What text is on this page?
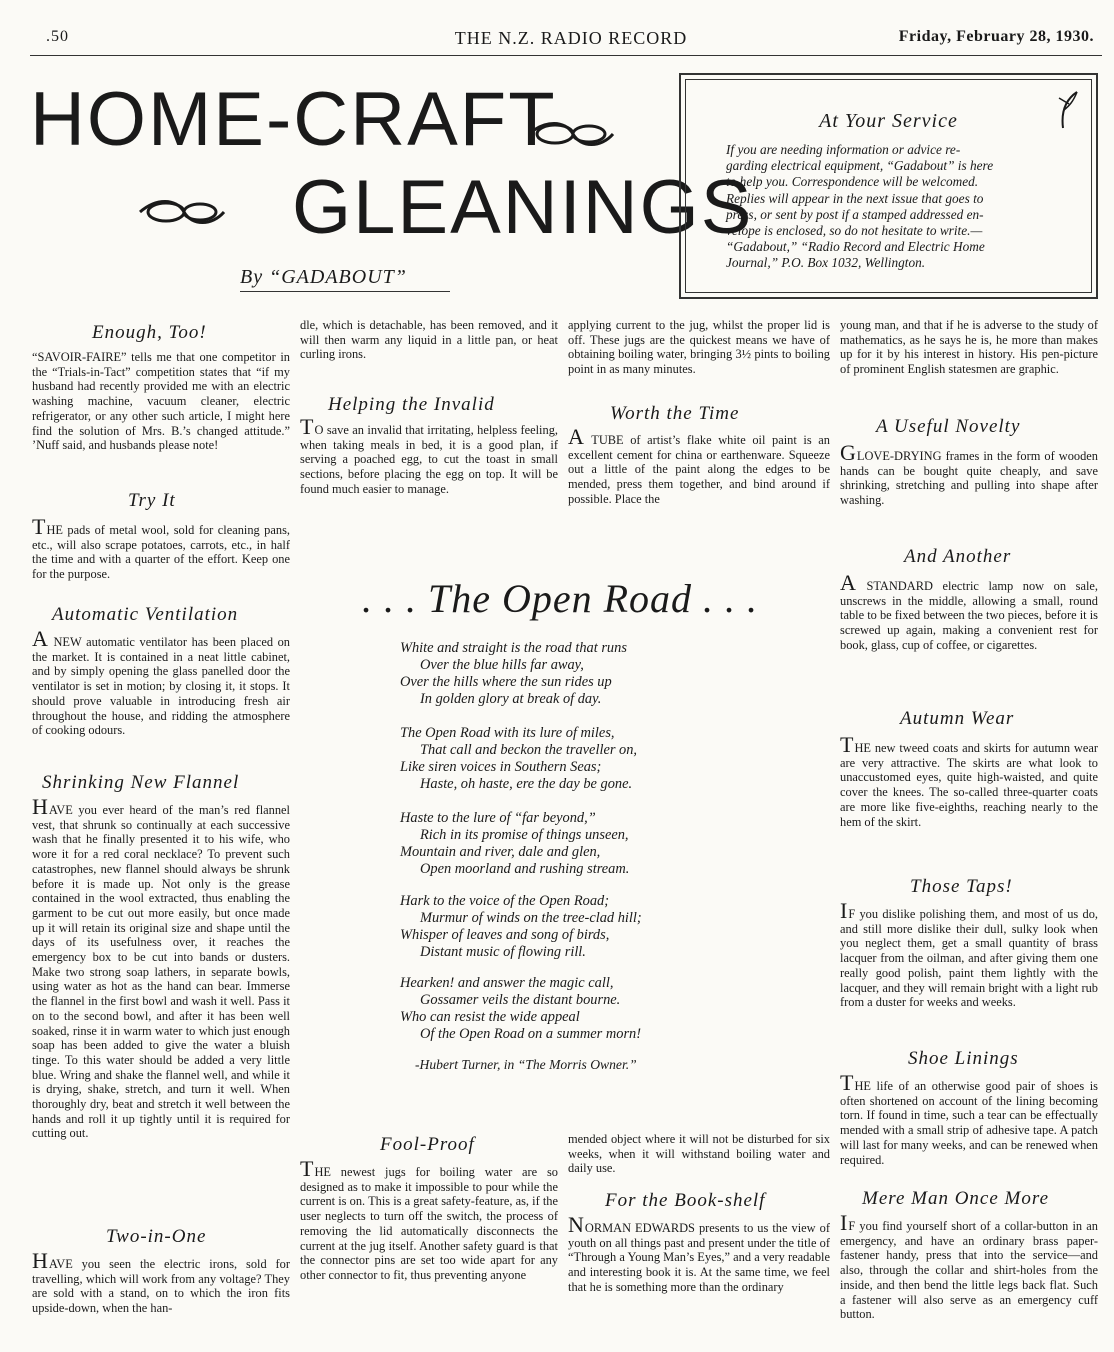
.50	THE N.Z. RADIO RECORD	Friday, February 28, 1930.
HOME-CRAFT
GLEANINGS
By “GADABOUT”
At Your Service
If you are needing information or advice re-
garding electrical equipment, “Gadabout” is here
to help you. Correspondence will be welcomed.
Replies will appear in the next issue that goes to
press, or sent by post if a stamped addressed en-
velope is enclosed, so do not hesitate to write.—
“Gadabout,” “Radio Record and Electric Home
Journal,” P.O. Box 1032, Wellington.
Enough, Too!

“SAVOIR-FAIRE” tells me that one competitor in the “Trials-in-Tact” competition states that “if my husband had recently provided me with an electric washing machine, vacuum cleaner, electric refrigerator, or any other such article, I might here find the solution of Mrs. B.’s changed attitude.” ’Nuff said, and husbands please note!

Try It

THE pads of metal wool, sold for cleaning pans, etc., will also scrape potatoes, carrots, etc., in half the time and with a quarter of the effort. Keep one for the purpose.

Automatic Ventilation

A NEW automatic ventilator has been placed on the market. It is contained in a neat little cabinet, and by simply opening the glass panelled door the ventilator is set in motion; by closing it, it stops. It should prove valuable in introducing fresh air throughout the house, and ridding the atmosphere of cooking odours.

Shrinking New Flannel

HAVE you ever heard of the man’s red flannel vest, that shrunk so continually at each successive wash that he finally presented it to his wife, who wore it for a red coral necklace? To prevent such catastrophes, new flannel should always be shrunk before it is made up. Not only is the grease contained in the wool extracted, thus enabling the garment to be cut out more easily, but once made up it will retain its original size and shape until the days of its usefulness over, it reaches the emergency box to be cut into bands or dusters. Make two strong soap lathers, in separate bowls, using water as hot as the hand can bear. Immerse the flannel in the first bowl and wash it well. Pass it on to the second bowl, and after it has been well soaked, rinse it in warm water to which just enough soap has been added to give the water a bluish tinge. To this water should be added a very little blue. Wring and shake the flannel well, and while it is drying, shake, stretch, and turn it well. When thoroughly dry, beat and stretch it well between the hands and roll it up tightly until it is required for cutting out.

Two-in-One

HAVE you seen the electric irons, sold for travelling, which will work from any voltage? They are sold with a stand, on to which the iron fits upside-down, when the han-

dle, which is detachable, has been removed, and it will then warm any liquid in a little pan, or heat curling irons.

Helping the Invalid

TO save an invalid that irritating, helpless feeling, when taking meals in bed, it is a good plan, if serving a poached egg, to cut the toast in small sections, before placing the egg on top. It will be found much easier to manage.

applying current to the jug, whilst the proper lid is off. These jugs are the quickest means we have of obtaining boiling water, bringing 3½ pints to boiling point in as many minutes.

Worth the Time

A TUBE of artist’s flake white oil paint is an excellent cement for china or earthenware. Squeeze out a little of the paint along the edges to be mended, press them together, and bind around if possible. Place the

young man, and that if he is adverse to the study of mathematics, as he says he is, he more than makes up for it by his interest in history. His pen-picture of prominent English statesmen are graphic.

A Useful Novelty

GLOVE-DRYING frames in the form of wooden hands can be bought quite cheaply, and save shrinking, stretching and pulling into shape after washing.

And Another

A STANDARD electric lamp now on sale, unscrews in the middle, allowing a small, round table to be fixed between the two pieces, before it is screwed up again, making a convenient rest for book, glass, cup of coffee, or cigarettes.

Autumn Wear

THE new tweed coats and skirts for autumn wear are very attractive. The skirts are what look to unaccustomed eyes, quite high-waisted, and quite cover the knees. The so-called three-quarter coats are more like five-eighths, reaching nearly to the hem of the skirt.

Those Taps!

IF you dislike polishing them, and most of us do, and still more dislike their dull, sulky look when you neglect them, get a small quantity of brass lacquer from the oilman, and after giving them one really good polish, paint them lightly with the lacquer, and they will remain bright with a light rub from a duster for weeks and weeks.

Shoe Linings

THE life of an otherwise good pair of shoes is often shortened on account of the lining becoming torn. If found in time, such a tear can be effectually mended with a small strip of adhesive tape. A patch will last for many weeks, and can be renewed when required.

Mere Man Once More

IF you find yourself short of a collar-button in an emergency, and have an ordinary brass paper-fastener handy, press that into the service—and also, through the collar and shirt-holes from the inside, and then bend the little legs back flat. Such a fastener will also serve as an emergency cuff button.

. . . The Open Road . . .
White and straight is the road that runs
Over the blue hills far away,
Over the hills where the sun rides up
In golden glory at break of day.
The Open Road with its lure of miles,
That call and beckon the traveller on,
Like siren voices in Southern Seas;
Haste, oh haste, ere the day be gone.
Haste to the lure of “far beyond,”
Rich in its promise of things unseen,
Mountain and river, dale and glen,
Open moorland and rushing stream.
Hark to the voice of the Open Road;
Murmur of winds on the tree-clad hill;
Whisper of leaves and song of birds,
Distant music of flowing rill.
Hearken! and answer the magic call,
Gossamer veils the distant bourne.
Who can resist the wide appeal
Of the Open Road on a summer morn!
-Hubert Turner, in “The Morris Owner.”
Fool-Proof

THE newest jugs for boiling water are so designed as to make it impossible to pour while the current is on. This is a great safety-feature, as, if the user neglects to turn off the switch, the process of removing the lid automatically disconnects the current at the jug itself. Another safety guard is that the connector pins are set too wide apart for any other connector to fit, thus preventing anyone

mended object where it will not be disturbed for six weeks, when it will withstand boiling water and daily use.

For the Book-shelf

NORMAN EDWARDS presents to us the view of youth on all things past and present under the title of “Through a Young Man’s Eyes,” and a very readable and interesting book it is. At the same time, we feel that he is something more than the ordinary
